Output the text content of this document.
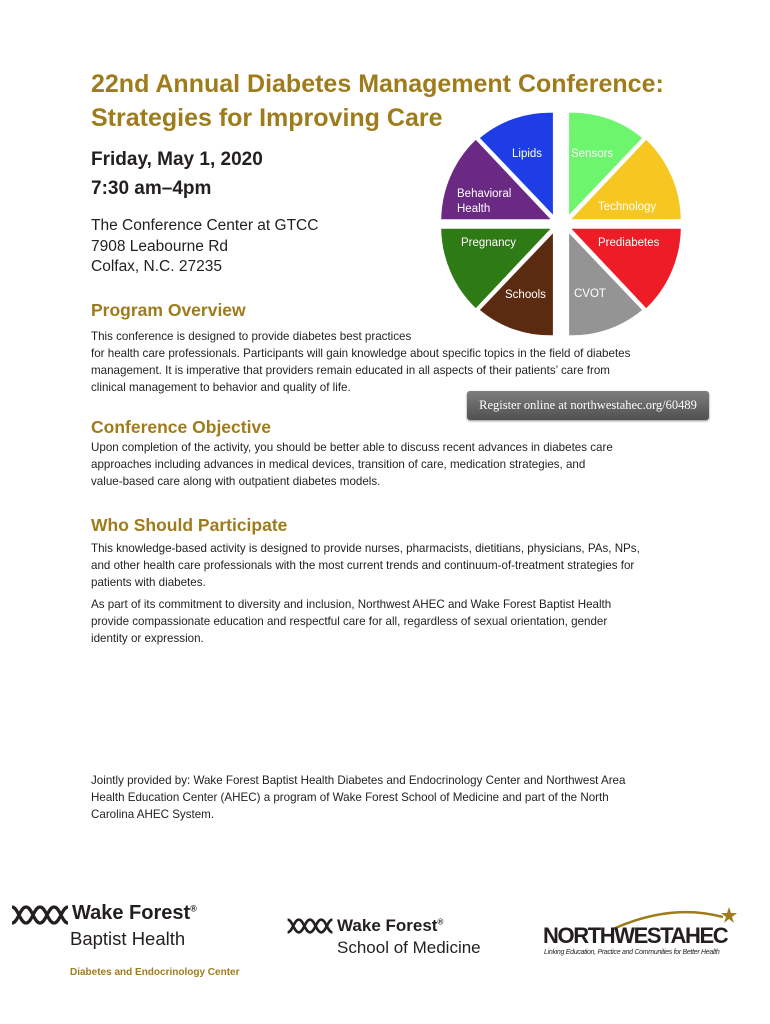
22nd Annual Diabetes Management Conference:
Strategies for Improving Care
Friday, May 1, 2020
7:30 am–4pm
The Conference Center at GTCC
7908 Leabourne Rd
Colfax, N.C. 27235
Lipids	Sensors
Technology
Prediabetes
CVOT
Schools
Pregnancy
Behavioral
Health
Program Overview
This conference is designed to provide diabetes best practices
for health care professionals. Participants will gain knowledge about specific topics in the field of diabetes
management. It is imperative that providers remain educated in all aspects of their patients’ care from
clinical management to behavior and quality of life.
Register online at northwestahec.org/60489
Conference Objective
Upon completion of the activity, you should be better able to discuss recent advances in diabetes care
approaches including advances in medical devices, transition of care, medication strategies, and
value-based care along with outpatient diabetes models.
Who Should Participate
This knowledge-based activity is designed to provide nurses, pharmacists, dietitians, physicians, PAs, NPs,
and other health care professionals with the most current trends and continuum-of-treatment strategies for
patients with diabetes.
As part of its commitment to diversity and inclusion, Northwest AHEC and Wake Forest Baptist Health
provide compassionate education and respectful care for all, regardless of sexual orientation, gender
identity or expression.
Jointly provided by: Wake Forest Baptist Health Diabetes and Endocrinology Center and Northwest Area
Health Education Center (AHEC) a program of Wake Forest School of Medicine and part of the North
Carolina AHEC System.
Wake Forest®
Baptist Health
Diabetes and Endocrinology Center
Wake Forest®
School of Medicine	NORTHWESTAHEC
Linking Education, Practice and Communities for Better Health
